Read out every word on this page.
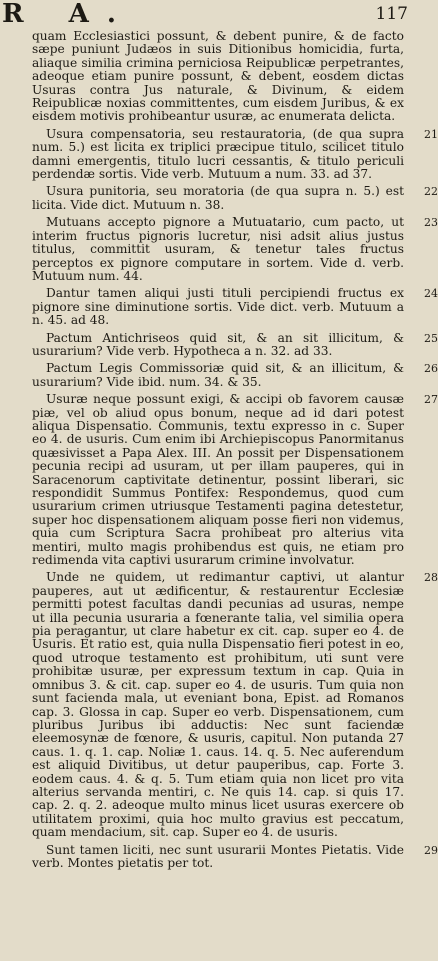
R A.	117

quam Ecclesiastici possunt, & debent punire, & de facto sæpe puniunt Judæos in suis Ditionibus homicidia, furta, aliaque similia crimina perniciosa Reipublicæ perpetrantes, adeoque etiam punire possunt, & debent, eosdem dictas Usuras contra Jus naturale, & Divinum, & eidem Reipublicæ noxias committentes, cum eisdem Juribus, & ex eisdem motivis prohibeantur usuræ, ac enumerata delicta.

21
Usura compensatoria, seu restauratoria, (de qua supra num. 5.) est licita ex triplici præcipue titulo, scilicet titulo damni emergentis, titulo lucri cessantis, & titulo periculi perdendæ sortis. Vide verb. Mutuum a num. 33. ad 37.

22
Usura punitoria, seu moratoria (de qua supra n. 5.) est licita. Vide dict. Mutuum n. 38.

23
Mutuans accepto pignore a Mutuatario, cum pacto, ut interim fructus pignoris lucretur, nisi adsit alius justus titulus, committit usuram, & tenetur tales fructus perceptos ex pignore computare in sortem. Vide d. verb. Mutuum num. 44.

24
Dantur tamen aliqui justi tituli percipiendi fructus ex pignore sine diminutione sortis. Vide dict. verb. Mutuum a n. 45. ad 48.

25
Pactum Antichriseos quid sit, & an sit illicitum, & usurarium? Vide verb. Hypotheca a n. 32. ad 33.

26
Pactum Legis Commissoriæ quid sit, & an illicitum, & usurarium? Vide ibid. num. 34. & 35.

27
Usuræ neque possunt exigi, & accipi ob favorem causæ piæ, vel ob aliud opus bonum, neque ad id dari potest aliqua Dispensatio. Communis, textu expresso in c. Super eo 4. de usuris. Cum enim ibi Archiepiscopus Panormitanus quæsivisset a Papa Alex. III. An possit per Dispensationem pecunia recipi ad usuram, ut per illam pauperes, qui in Saracenorum captivitate detinentur, possint liberari, sic respondidit Summus Pontifex: Respondemus, quod cum usurarium crimen utriusque Testamenti pagina detestetur, super hoc dispensationem aliquam posse fieri non videmus, quia cum Scriptura Sacra prohibeat pro alterius vita mentiri, multo magis prohibendus est quis, ne etiam pro redimenda vita captivi usurarum crimine involvatur.

28
Unde ne quidem, ut redimantur captivi, ut alantur pauperes, aut ut ædificentur, & restaurentur Ecclesiæ permitti potest facultas dandi pecunias ad usuras, nempe ut illa pecunia usuraria a fœnerante talia, vel similia opera pia peragantur, ut clare habetur ex cit. cap. super eo 4. de Usuris. Et ratio est, quia nulla Dispensatio fieri potest in eo, quod utroque testamento est prohibitum, uti sunt vere prohibitæ usuræ, per expressum textum in cap. Quia in omnibus 3. & cit. cap. super eo 4. de usuris. Tum quia non sunt facienda mala, ut eveniant bona, Epist. ad Romanos cap. 3. Glossa in cap. Super eo verb. Dispensationem, cum pluribus Juribus ibi adductis: Nec sunt faciendæ eleemosynæ de fœnore, & usuris, capitul. Non putanda 27 caus. 1. q. 1. cap. Noliæ 1. caus. 14. q. 5. Nec auferendum est aliquid Divitibus, ut detur pauperibus, cap. Forte 3. eodem caus. 4. & q. 5. Tum etiam quia non licet pro vita alterius servanda mentiri, c. Ne quis 14. cap. si quis 17. cap. 2. q. 2. adeoque multo minus licet usuras exercere ob utilitatem proximi, quia hoc multo gravius est peccatum, quam mendacium, sit. cap. Super eo 4. de usuris.

29
Sunt tamen liciti, nec sunt usurarii Montes Pietatis. Vide verb. Montes pietatis per tot.
